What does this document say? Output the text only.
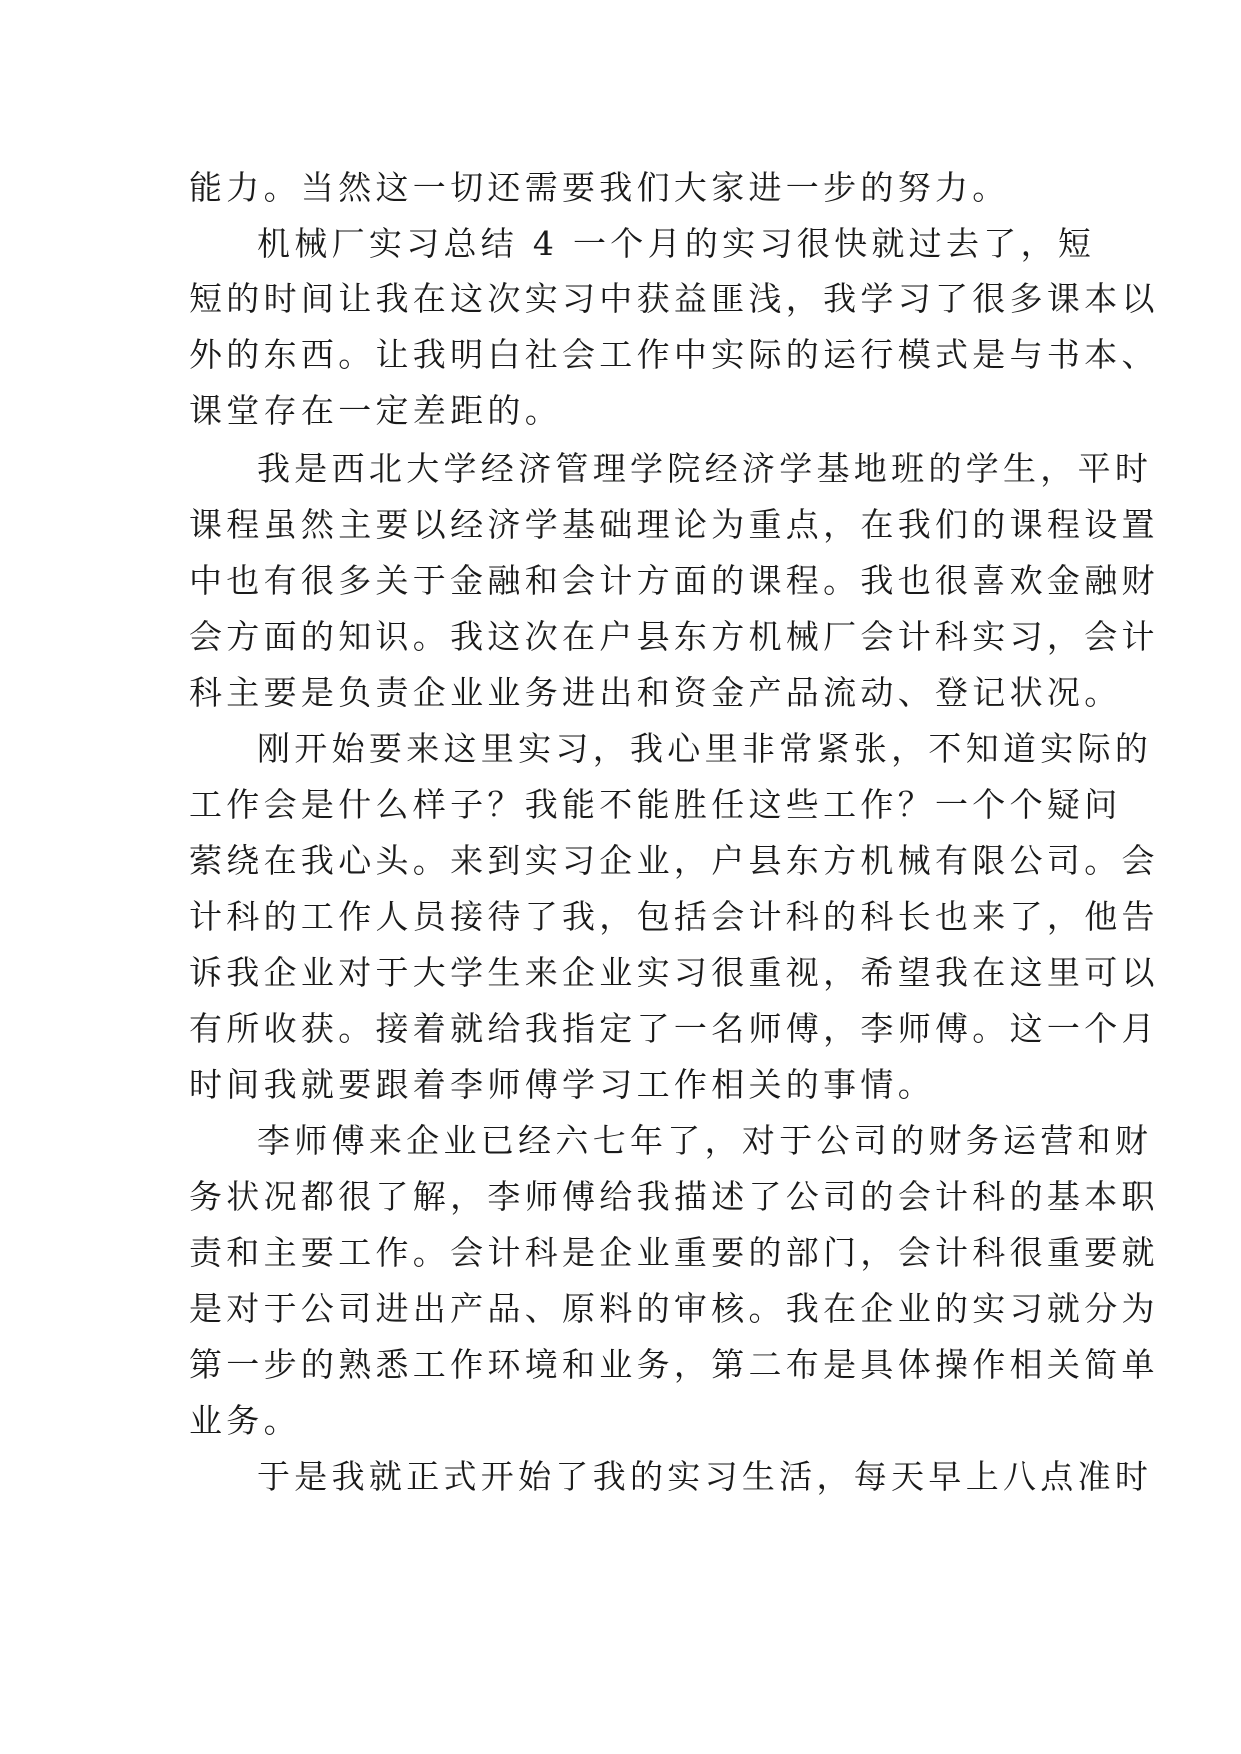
能力。当然这一切还需要我们大家进一步的努力。
机械厂实习总结 4 一个月的实习很快就过去了，短
短的时间让我在这次实习中获益匪浅，我学习了很多课本以
外的东西。让我明白社会工作中实际的运行模式是与书本、
课堂存在一定差距的。
我是西北大学经济管理学院经济学基地班的学生，平时
课程虽然主要以经济学基础理论为重点，在我们的课程设置
中也有很多关于金融和会计方面的课程。我也很喜欢金融财
会方面的知识。我这次在户县东方机械厂会计科实习，会计
科主要是负责企业业务进出和资金产品流动、登记状况。
刚开始要来这里实习，我心里非常紧张，不知道实际的
工作会是什么样子？我能不能胜任这些工作？一个个疑问
萦绕在我心头。来到实习企业，户县东方机械有限公司。会
计科的工作人员接待了我，包括会计科的科长也来了，他告
诉我企业对于大学生来企业实习很重视，希望我在这里可以
有所收获。接着就给我指定了一名师傅，李师傅。这一个月
时间我就要跟着李师傅学习工作相关的事情。
李师傅来企业已经六七年了，对于公司的财务运营和财
务状况都很了解，李师傅给我描述了公司的会计科的基本职
责和主要工作。会计科是企业重要的部门，会计科很重要就
是对于公司进出产品、原料的审核。我在企业的实习就分为
第一步的熟悉工作环境和业务，第二布是具体操作相关简单
业务。
于是我就正式开始了我的实习生活，每天早上八点准时
